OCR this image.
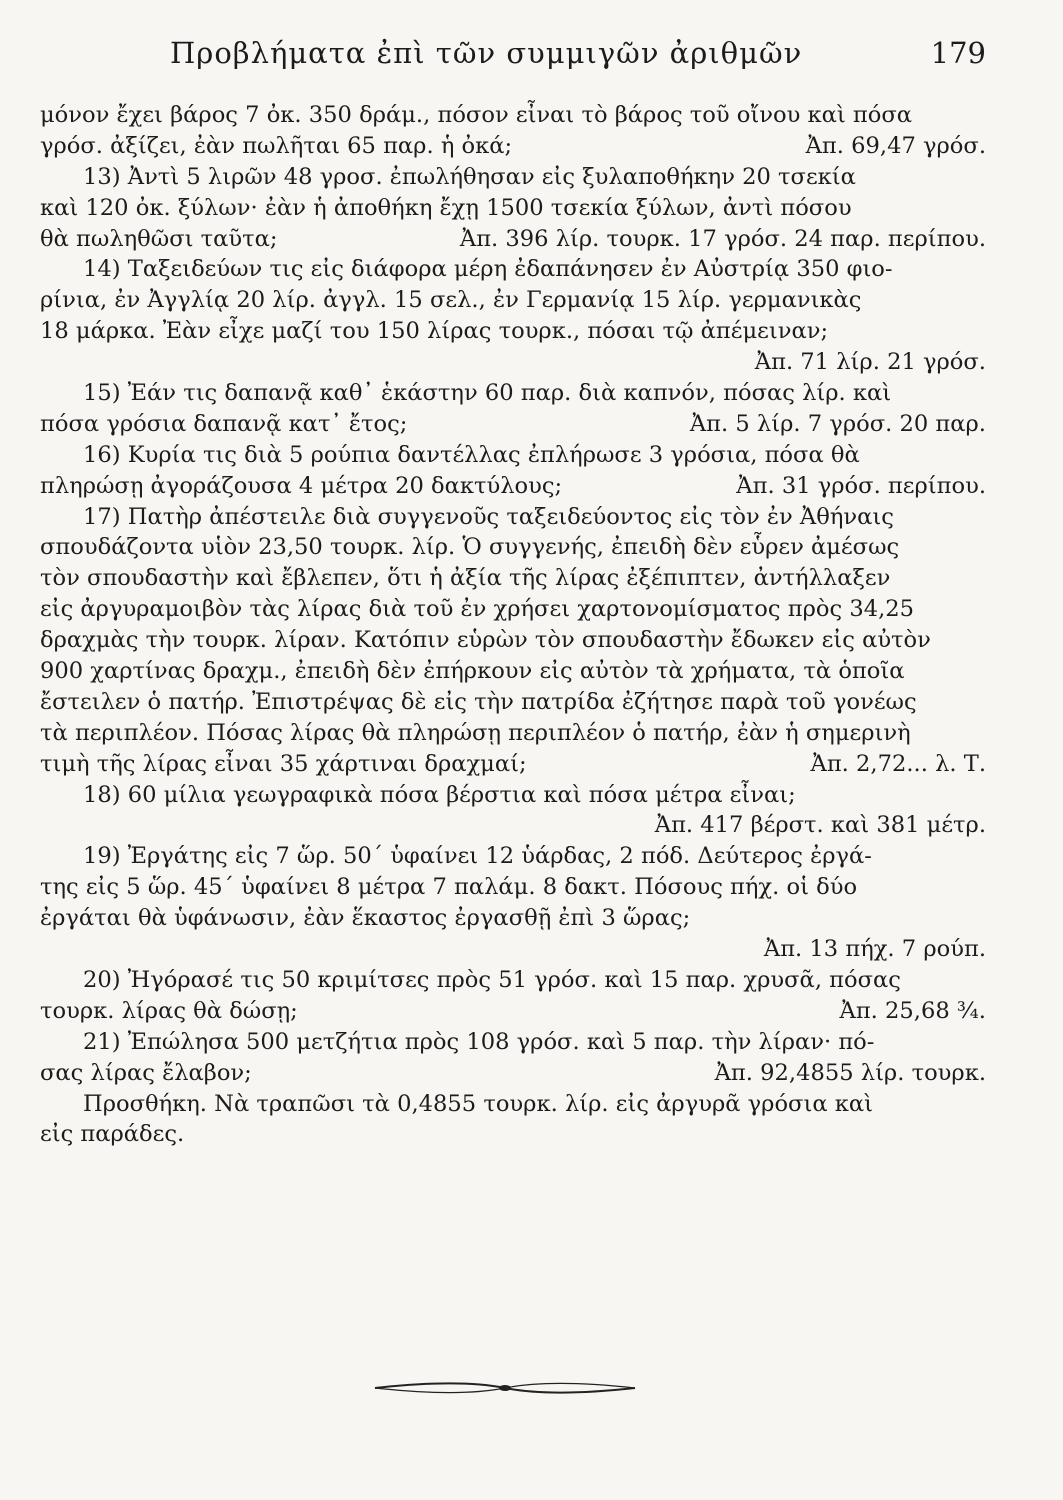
Προβλήματα ἐπὶ τῶν συμμιγῶν ἀριθμῶν	179
μόνον ἔχει βάρος 7 ὀκ. 350 δράμ., πόσον εἶναι τὸ βάρος τοῦ οἴνου καὶ πόσα
γρόσ. ἀξίζει, ἐὰν πωλῆται 65 παρ. ἡ ὀκά;	Ἀπ. 69,47 γρόσ.
13) Ἀντὶ 5 λιρῶν 48 γροσ. ἐπωλήθησαν εἰς ξυλαποθήκην 20 τσεκία
καὶ 120 ὀκ. ξύλων· ἐὰν ἡ ἀποθήκη ἔχῃ 1500 τσεκία ξύλων, ἀντὶ πόσου
θὰ πωληθῶσι ταῦτα;	Ἀπ. 396 λίρ. τουρκ. 17 γρόσ. 24 παρ. περίπου.
14) Ταξειδεύων τις εἰς διάφορα μέρη ἐδαπάνησεν ἐν Αὐστρίᾳ 350 φιο-
ρίνια, ἐν Ἀγγλίᾳ 20 λίρ. ἀγγλ. 15 σελ., ἐν Γερμανίᾳ 15 λίρ. γερμανικὰς
18 μάρκα. Ἐὰν εἶχε μαζί του 150 λίρας τουρκ., πόσαι τῷ ἀπέμειναν;
Ἀπ. 71 λίρ. 21 γρόσ.
15) Ἐάν τις δαπανᾷ καθ᾽ ἑκάστην 60 παρ. διὰ καπνόν, πόσας λίρ. καὶ
πόσα γρόσια δαπανᾷ κατ᾽ ἔτος;	Ἀπ. 5 λίρ. 7 γρόσ. 20 παρ.
16) Κυρία τις διὰ 5 ρούπια δαντέλλας ἐπλήρωσε 3 γρόσια, πόσα θὰ
πληρώσῃ ἀγοράζουσα 4 μέτρα 20 δακτύλους;	Ἀπ. 31 γρόσ. περίπου.
17) Πατὴρ ἀπέστειλε διὰ συγγενοῦς ταξειδεύοντος εἰς τὸν ἐν Ἀθήναις
σπουδάζοντα υἱὸν 23,50 τουρκ. λίρ. Ὁ συγγενής, ἐπειδὴ δὲν εὗρεν ἀμέσως
τὸν σπουδαστὴν καὶ ἔβλεπεν, ὅτι ἡ ἀξία τῆς λίρας ἐξέπιπτεν, ἀντήλλαξεν
εἰς ἀργυραμοιβὸν τὰς λίρας διὰ τοῦ ἐν χρήσει χαρτονομίσματος πρὸς 34,25
δραχμὰς τὴν τουρκ. λίραν. Κατόπιν εὑρὼν τὸν σπουδαστὴν ἔδωκεν εἰς αὐτὸν
900 χαρτίνας δραχμ., ἐπειδὴ δὲν ἐπήρκουν εἰς αὐτὸν τὰ χρήματα, τὰ ὁποῖα
ἔστειλεν ὁ πατήρ. Ἐπιστρέψας δὲ εἰς τὴν πατρίδα ἐζήτησε παρὰ τοῦ γονέως
τὰ περιπλέον. Πόσας λίρας θὰ πληρώσῃ περιπλέον ὁ πατήρ, ἐὰν ἡ σημερινὴ
τιμὴ τῆς λίρας εἶναι 35 χάρτιναι δραχμαί;	Ἀπ. 2,72... λ. Τ.
18) 60 μίλια γεωγραφικὰ πόσα βέρστια καὶ πόσα μέτρα εἶναι;
Ἀπ. 417 βέρστ. καὶ 381 μέτρ.
19) Ἐργάτης εἰς 7 ὥρ. 50΄ ὑφαίνει 12 ὑάρδας, 2 πόδ. Δεύτερος ἐργά-
της εἰς 5 ὥρ. 45΄ ὑφαίνει 8 μέτρα 7 παλάμ. 8 δακτ. Πόσους πήχ. οἱ δύο
ἐργάται θὰ ὑφάνωσιν, ἐὰν ἕκαστος ἐργασθῇ ἐπὶ 3 ὥρας;
Ἀπ. 13 πήχ. 7 ρούπ.
20) Ἠγόρασέ τις 50 κριμίτσες πρὸς 51 γρόσ. καὶ 15 παρ. χρυσᾶ, πόσας
τουρκ. λίρας θὰ δώσῃ;	Ἀπ. 25,68 ¾.
21) Ἐπώλησα 500 μετζήτια πρὸς 108 γρόσ. καὶ 5 παρ. τὴν λίραν· πό-
σας λίρας ἔλαβον;	Ἀπ. 92,4855 λίρ. τουρκ.
Προσθήκη. Νὰ τραπῶσι τὰ 0,4855 τουρκ. λίρ. εἰς ἀργυρᾶ γρόσια καὶ
εἰς παράδες.
